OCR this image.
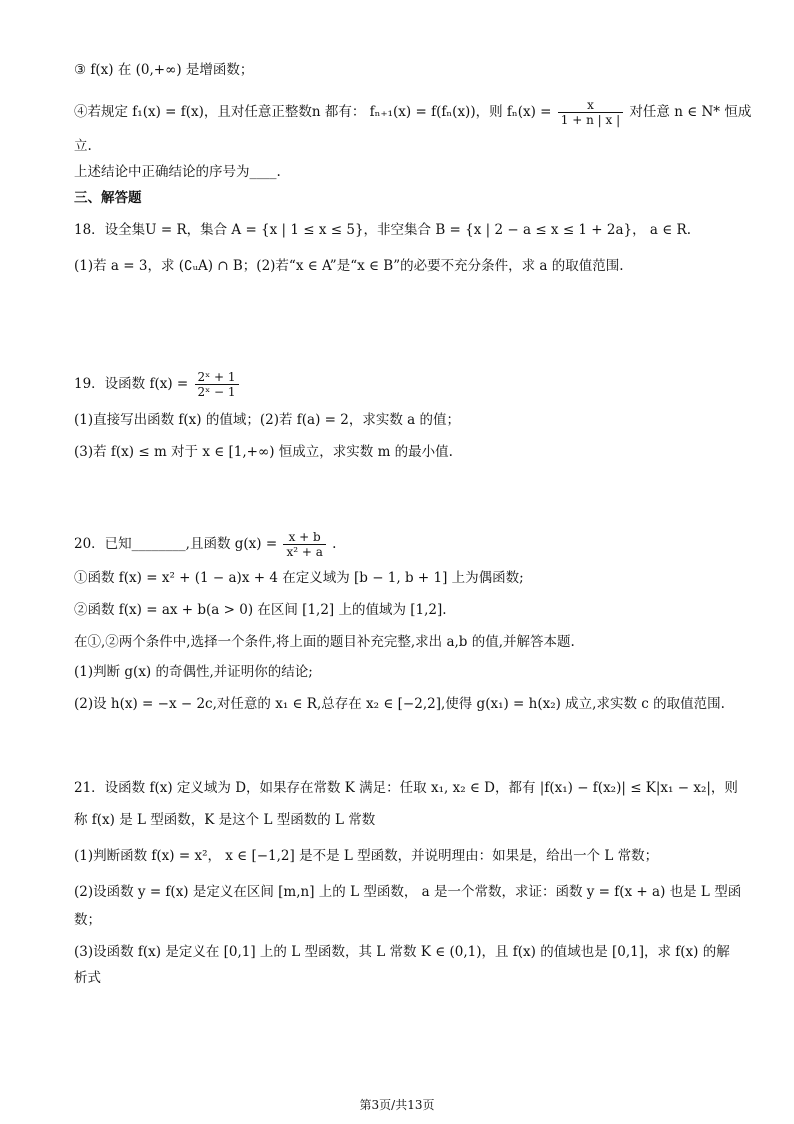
③ f(x) 在 (0,+∞) 是增函数；
④若规定 f₁(x) = f(x)，且对任意正整数n 都有： fₙ₊₁(x) = f(fₙ(x))，则 $f_n(x) = \frac{x}{1 + n | x |}$ 对任意 n ∈ N* 恒成
立.
上述结论中正确结论的序号为____.
三、解答题
18．设全集U = R，集合 A = {x | 1 ≤ x ≤ 5}，非空集合 B = {x | 2 − a ≤ x ≤ 1 + 2a}， a ∈ R.
(1)若 a = 3，求 (∁ᵤA) ∩ B；(2)若“x ∈ A”是“x ∈ B”的必要不充分条件，求 a 的取值范围.
19．设函数 $f(x) = \frac{\text{2ˣ + 1}}{\text{2ˣ − 1}}$
(1)直接写出函数 f(x) 的值域；(2)若 f(a) = 2，求实数 a 的值；
(3)若 f(x) ≤ m 对于 x ∈ [1,+∞) 恒成立，求实数 m 的最小值.
20．已知________,且函数 $g(x) = \frac{x + b}{\text{x² + a}}$ .
①函数 f(x) = x² + (1 − a)x + 4 在定义域为 [b − 1, b + 1] 上为偶函数;
②函数 f(x) = ax + b(a > 0) 在区间 [1,2] 上的值域为 [1,2].
在①,②两个条件中,选择一个条件,将上面的题目补充完整,求出 a,b 的值,并解答本题.
(1)判断 g(x) 的奇偶性,并证明你的结论;
(2)设 h(x) = −x − 2c,对任意的 x₁ ∈ R,总存在 x₂ ∈ [−2,2],使得 g(x₁) = h(x₂) 成立,求实数 c 的取值范围.
21．设函数 f(x) 定义域为 D，如果存在常数 K 满足：任取 x₁, x₂ ∈ D，都有 |f(x₁) − f(x₂)| ≤ K|x₁ − x₂|，则
称 f(x) 是 L 型函数，K 是这个 L 型函数的 L 常数
(1)判断函数 f(x) = x²， x ∈ [−1,2] 是不是 L 型函数，并说明理由：如果是，给出一个 L 常数；
(2)设函数 y = f(x) 是定义在区间 [m,n] 上的 L 型函数， a 是一个常数，求证：函数 y = f(x + a) 也是 L 型函
数；
(3)设函数 f(x) 是定义在 [0,1] 上的 L 型函数，其 L 常数 K ∈ (0,1)，且 f(x) 的值域也是 [0,1]，求 f(x) 的解
析式
第3页/共13页
